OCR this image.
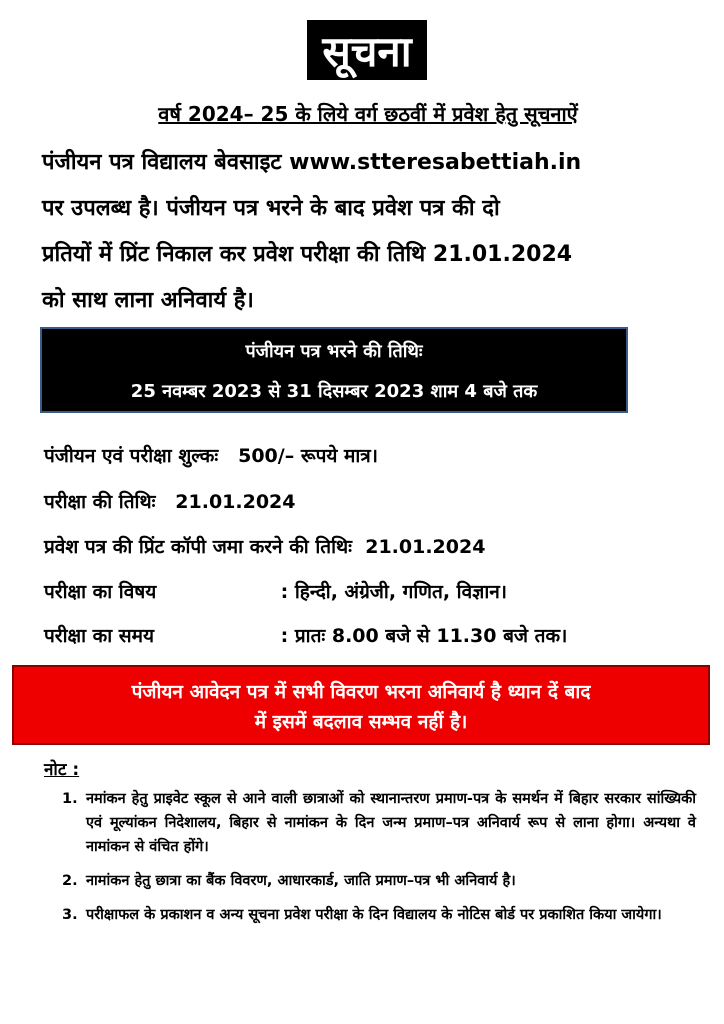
सूचना
वर्ष 2024– 25 के लिये वर्ग छठवीं में प्रवेश हेतु सूचनाऐं
पंजीयन पत्र विद्यालय बेवसाइट www.stteresabettiah.in
पर उपलब्ध है। पंजीयन पत्र भरने के बाद प्रवेश पत्र की दो
प्रतियों में प्रिंट निकाल कर प्रवेश परीक्षा की तिथि 21.01.2024
को साथ लाना अनिवार्य है।
पंजीयन पत्र भरने की तिथिः
25 नवम्बर 2023 से 31 दिसम्बर 2023 शाम 4 बजे तक
पंजीयन एवं परीक्षा शुल्कः 500/– रूपये मात्र।
परीक्षा की तिथिः 21.01.2024
प्रवेश पत्र की प्रिंट कॉपी जमा करने की तिथिः 21.01.2024
परीक्षा का विषय	: हिन्दी, अंग्रेजी, गणित, विज्ञान।
परीक्षा का समय	: प्रातः 8.00 बजे से 11.30 बजे तक।
पंजीयन आवेदन पत्र में सभी विवरण भरना अनिवार्य है ध्यान दें बाद
में इसमें बदलाव सम्भव नहीं है।
नोट :
1. नमांकन हेतु प्राइवेट स्कूल से आने वाली छात्राओं को स्थानान्तरण प्रमाण-पत्र के समर्थन में बिहार सरकार सांख्यिकी एवं मूल्यांकन निदेशालय, बिहार से नामांकन के दिन जन्म प्रमाण–पत्र अनिवार्य रूप से लाना होगा। अन्यथा वे नामांकन से वंचित होंगे।
2. नामांकन हेतु छात्रा का बैंक विवरण, आधारकार्ड, जाति प्रमाण–पत्र भी अनिवार्य है।
3. परीक्षाफल के प्रकाशन व अन्य सूचना प्रवेश परीक्षा के दिन विद्यालय के नोटिस बोर्ड पर प्रकाशित किया जायेगा।
